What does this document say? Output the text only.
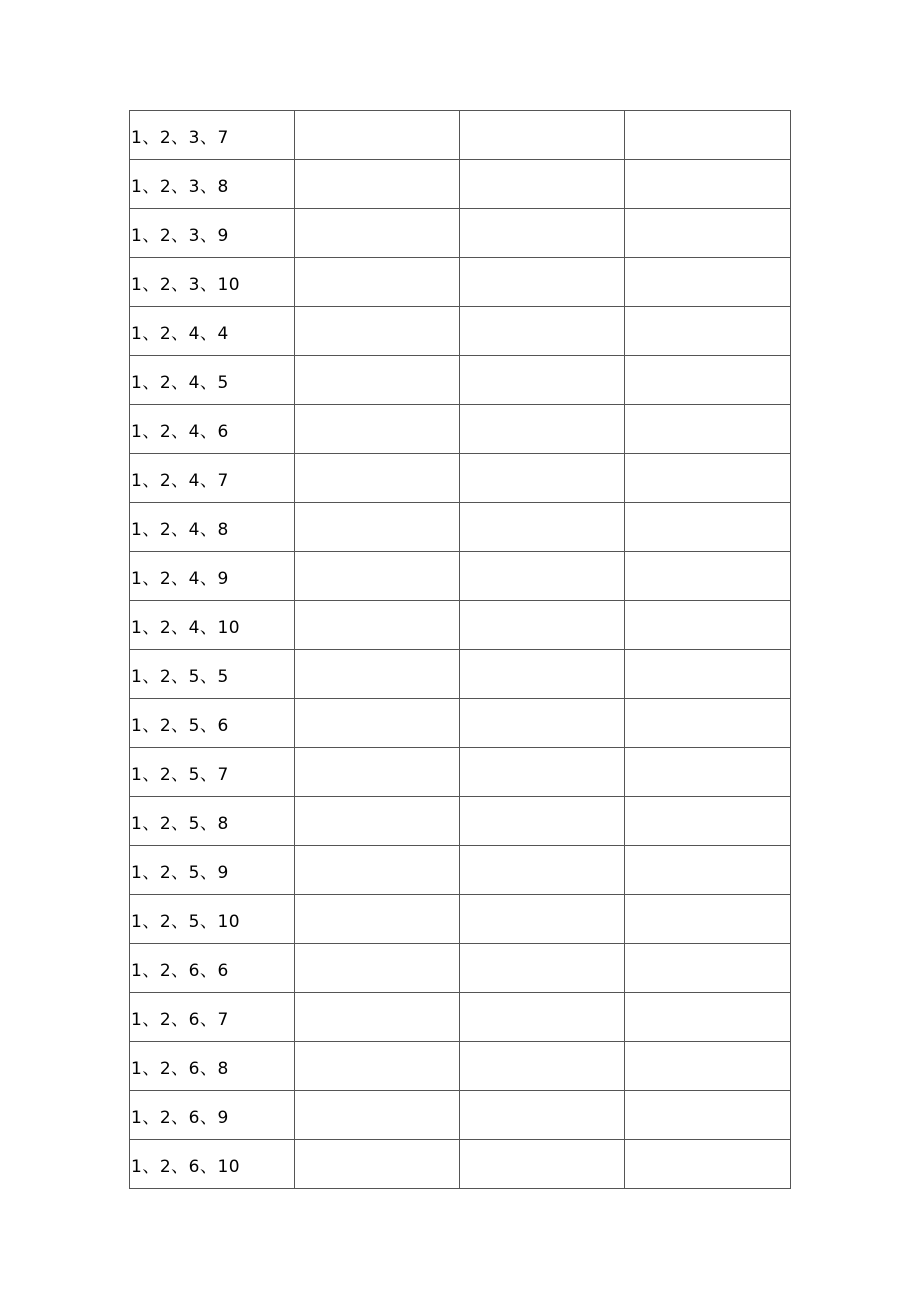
1、2、3、7			
1、2、3、8			
1、2、3、9			
1、2、3、10			
1、2、4、4			
1、2、4、5			
1、2、4、6			
1、2、4、7			
1、2、4、8			
1、2、4、9			
1、2、4、10			
1、2、5、5			
1、2、5、6			
1、2、5、7			
1、2、5、8			
1、2、5、9			
1、2、5、10			
1、2、6、6			
1、2、6、7			
1、2、6、8			
1、2、6、9			
1、2、6、10			
